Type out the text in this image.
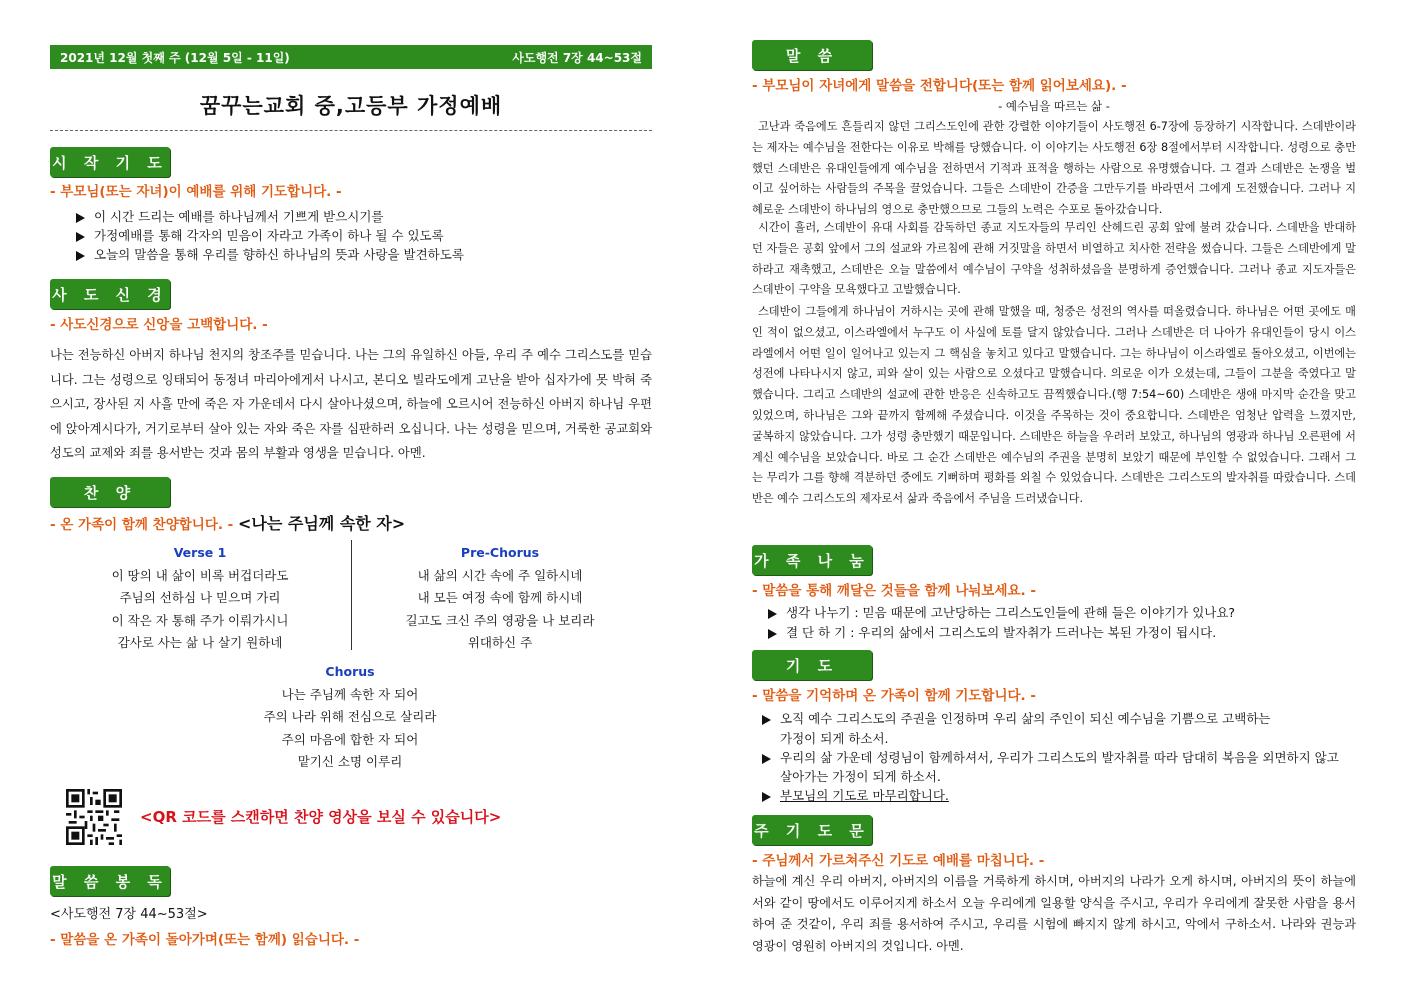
2021년 12월 첫째 주 (12월 5일 - 11일)	사도행전 7장 44~53절
꿈꾸는교회 중,고등부 가정예배
시 작 기 도
- 부모님(또는 자녀)이 예배를 위해 기도합니다. -
이 시간 드리는 예배를 하나님께서 기쁘게 받으시기를
가정예배를 통해 각자의 믿음이 자라고 가족이 하나 될 수 있도록
오늘의 말씀을 통해 우리를 향하신 하나님의 뜻과 사랑을 발견하도록
사 도 신 경
- 사도신경으로 신앙을 고백합니다. -
나는 전능하신 아버지 하나님 천지의 창조주를 믿습니다. 나는 그의 유일하신 아들, 우리 주 예수 그리스도를 믿습니다. 그는 성령으로 잉태되어 동정녀 마리아에게서 나시고, 본디오 빌라도에게 고난을 받아 십자가에 못 박혀 죽으시고, 장사된 지 사흘 만에 죽은 자 가운데서 다시 살아나셨으며, 하늘에 오르시어 전능하신 아버지 하나님 우편에 앉아계시다가, 거기로부터 살아 있는 자와 죽은 자를 심판하러 오십니다. 나는 성령을 믿으며, 거룩한 공교회와 성도의 교제와 죄를 용서받는 것과 몸의 부활과 영생을 믿습니다. 아멘.
찬 양
- 온 가족이 함께 찬양합니다. - <나는 주님께 속한 자>
Verse 1
이 땅의 내 삶이 비록 버겁더라도
주님의 선하심 나 믿으며 가리
이 작은 자 통해 주가 이뤄가시니
감사로 사는 삶 나 살기 원하네
Pre-Chorus
내 삶의 시간 속에 주 일하시네
내 모든 여정 속에 함께 하시네
길고도 크신 주의 영광을 나 보리라
위대하신 주
Chorus
나는 주님께 속한 자 되어
주의 나라 위해 전심으로 살리라
주의 마음에 합한 자 되어
맡기신 소명 이루리
<QR 코드를 스캔하면 찬양 영상을 보실 수 있습니다>
말 씀 봉 독
<사도행전 7장 44~53절>
- 말씀을 온 가족이 돌아가며(또는 함께) 읽습니다. -
말 씀
- 부모님이 자녀에게 말씀을 전합니다(또는 함께 읽어보세요). -
- 예수님을 따르는 삶 -
고난과 죽음에도 흔들리지 않던 그리스도인에 관한 강렬한 이야기들이 사도행전 6-7장에 등장하기 시작합니다. 스데반이라는 제자는 예수님을 전한다는 이유로 박해를 당했습니다. 이 이야기는 사도행전 6장 8절에서부터 시작합니다. 성령으로 충만했던 스데반은 유대인들에게 예수님을 전하면서 기적과 표적을 행하는 사람으로 유명했습니다. 그 결과 스데반은 논쟁을 벌이고 싶어하는 사람들의 주목을 끌었습니다. 그들은 스데반이 간증을 그만두기를 바라면서 그에게 도전했습니다. 그러나 지혜로운 스데반이 하나님의 영으로 충만했으므로 그들의 노력은 수포로 돌아갔습니다.
시간이 흘러, 스데반이 유대 사회를 감독하던 종교 지도자들의 무리인 산헤드린 공회 앞에 불려 갔습니다. 스데반을 반대하던 자들은 공회 앞에서 그의 설교와 가르침에 관해 거짓말을 하면서 비열하고 치사한 전략을 썼습니다. 그들은 스데반에게 말하라고 재촉했고, 스데반은 오늘 말씀에서 예수님이 구약을 성취하셨음을 분명하게 증언했습니다. 그러나 종교 지도자들은 스데반이 구약을 모욕했다고 고발했습니다.
스데반이 그들에게 하나님이 거하시는 곳에 관해 말했을 때, 청중은 성전의 역사를 떠올렸습니다. 하나님은 어떤 곳에도 매인 적이 없으셨고, 이스라엘에서 누구도 이 사실에 토를 달지 않았습니다. 그러나 스데반은 더 나아가 유대인들이 당시 이스라엘에서 어떤 일이 일어나고 있는지 그 핵심을 놓치고 있다고 말했습니다. 그는 하나님이 이스라엘로 돌아오셨고, 이번에는 성전에 나타나시지 않고, 피와 살이 있는 사람으로 오셨다고 말했습니다. 의로운 이가 오셨는데, 그들이 그분을 죽였다고 말했습니다. 그리고 스데반의 설교에 관한 반응은 신속하고도 끔찍했습니다.(행 7:54~60) 스데반은 생애 마지막 순간을 맞고 있었으며, 하나님은 그와 끝까지 함께해 주셨습니다. 이것을 주목하는 것이 중요합니다. 스데반은 엄청난 압력을 느꼈지만, 굴복하지 않았습니다. 그가 성령 충만했기 때문입니다. 스데반은 하늘을 우러러 보았고, 하나님의 영광과 하나님 오른편에 서 계신 예수님을 보았습니다. 바로 그 순간 스데반은 예수님의 주권을 분명히 보았기 때문에 부인할 수 없었습니다. 그래서 그는 무리가 그를 향해 격분하던 중에도 기뻐하며 평화를 외칠 수 있었습니다. 스데반은 그리스도의 발자취를 따랐습니다. 스데반은 예수 그리스도의 제자로서 삶과 죽음에서 주님을 드러냈습니다.
가 족 나 눔
- 말씀을 통해 깨달은 것들을 함께 나눠보세요. -
생각 나누기 : 믿음 때문에 고난당하는 그리스도인들에 관해 들은 이야기가 있나요?
결 단 하 기 : 우리의 삶에서 그리스도의 발자취가 드러나는 복된 가정이 됩시다.
기 도
- 말씀을 기억하며 온 가족이 함께 기도합니다. -
오직 예수 그리스도의 주권을 인정하며 우리 삶의 주인이 되신 예수님을 기쁨으로 고백하는
가정이 되게 하소서.
우리의 삶 가운데 성령님이 함께하셔서, 우리가 그리스도의 발자취를 따라 담대히 복음을 외면하지 않고
살아가는 가정이 되게 하소서.
부모님의 기도로 마무리합니다.
주 기 도 문
- 주님께서 가르쳐주신 기도로 예배를 마칩니다. -
하늘에 계신 우리 아버지, 아버지의 이름을 거룩하게 하시며, 아버지의 나라가 오게 하시며, 아버지의 뜻이 하늘에서와 같이 땅에서도 이루어지게 하소서 오늘 우리에게 일용할 양식을 주시고, 우리가 우리에게 잘못한 사람을 용서하여 준 것같이, 우리 죄를 용서하여 주시고, 우리를 시험에 빠지지 않게 하시고, 악에서 구하소서. 나라와 권능과 영광이 영원히 아버지의 것입니다. 아멘.
